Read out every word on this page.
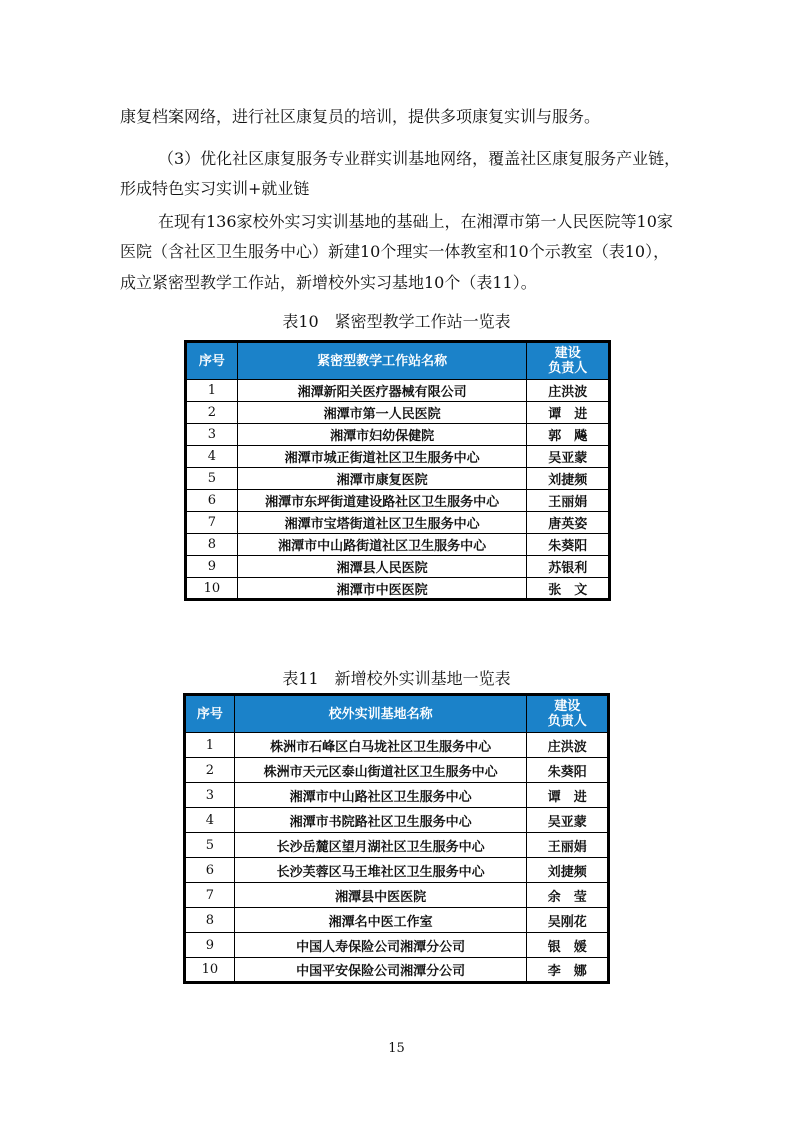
康复档案网络，进行社区康复员的培训，提供多项康复实训与服务。
（3）优化社区康复服务专业群实训基地网络，覆盖社区康复服务产业链，
形成特色实习实训+就业链
在现有136家校外实习实训基地的基础上，在湘潭市第一人民医院等10家
医院（含社区卫生服务中心）新建10个理实一体教室和10个示教室（表10），
成立紧密型教学工作站，新增校外实习基地10个（表11）。
表10　紧密型教学工作站一览表
序号	紧密型教学工作站名称	建设
负责人
1	湘潭新阳关医疗器械有限公司	庄洪波
2	湘潭市第一人民医院	谭　进
3	湘潭市妇幼保健院	郭　飚
4	湘潭市城正街道社区卫生服务中心	吴亚蒙
5	湘潭市康复医院	刘捷频
6	湘潭市东坪街道建设路社区卫生服务中心	王丽娟
7	湘潭市宝塔街道社区卫生服务中心	唐英姿
8	湘潭市中山路街道社区卫生服务中心	朱葵阳
9	湘潭县人民医院	苏银利
10	湘潭市中医医院	张　文
表11　新增校外实训基地一览表
序号	校外实训基地名称	建设
负责人
1	株洲市石峰区白马垅社区卫生服务中心	庄洪波
2	株洲市天元区泰山街道社区卫生服务中心	朱葵阳
3	湘潭市中山路社区卫生服务中心	谭　进
4	湘潭市书院路社区卫生服务中心	吴亚蒙
5	长沙岳麓区望月湖社区卫生服务中心	王丽娟
6	长沙芙蓉区马王堆社区卫生服务中心	刘捷频
7	湘潭县中医医院	余　莹
8	湘潭名中医工作室	吴刚花
9	中国人寿保险公司湘潭分公司	银　媛
10	中国平安保险公司湘潭分公司	李　娜
15
